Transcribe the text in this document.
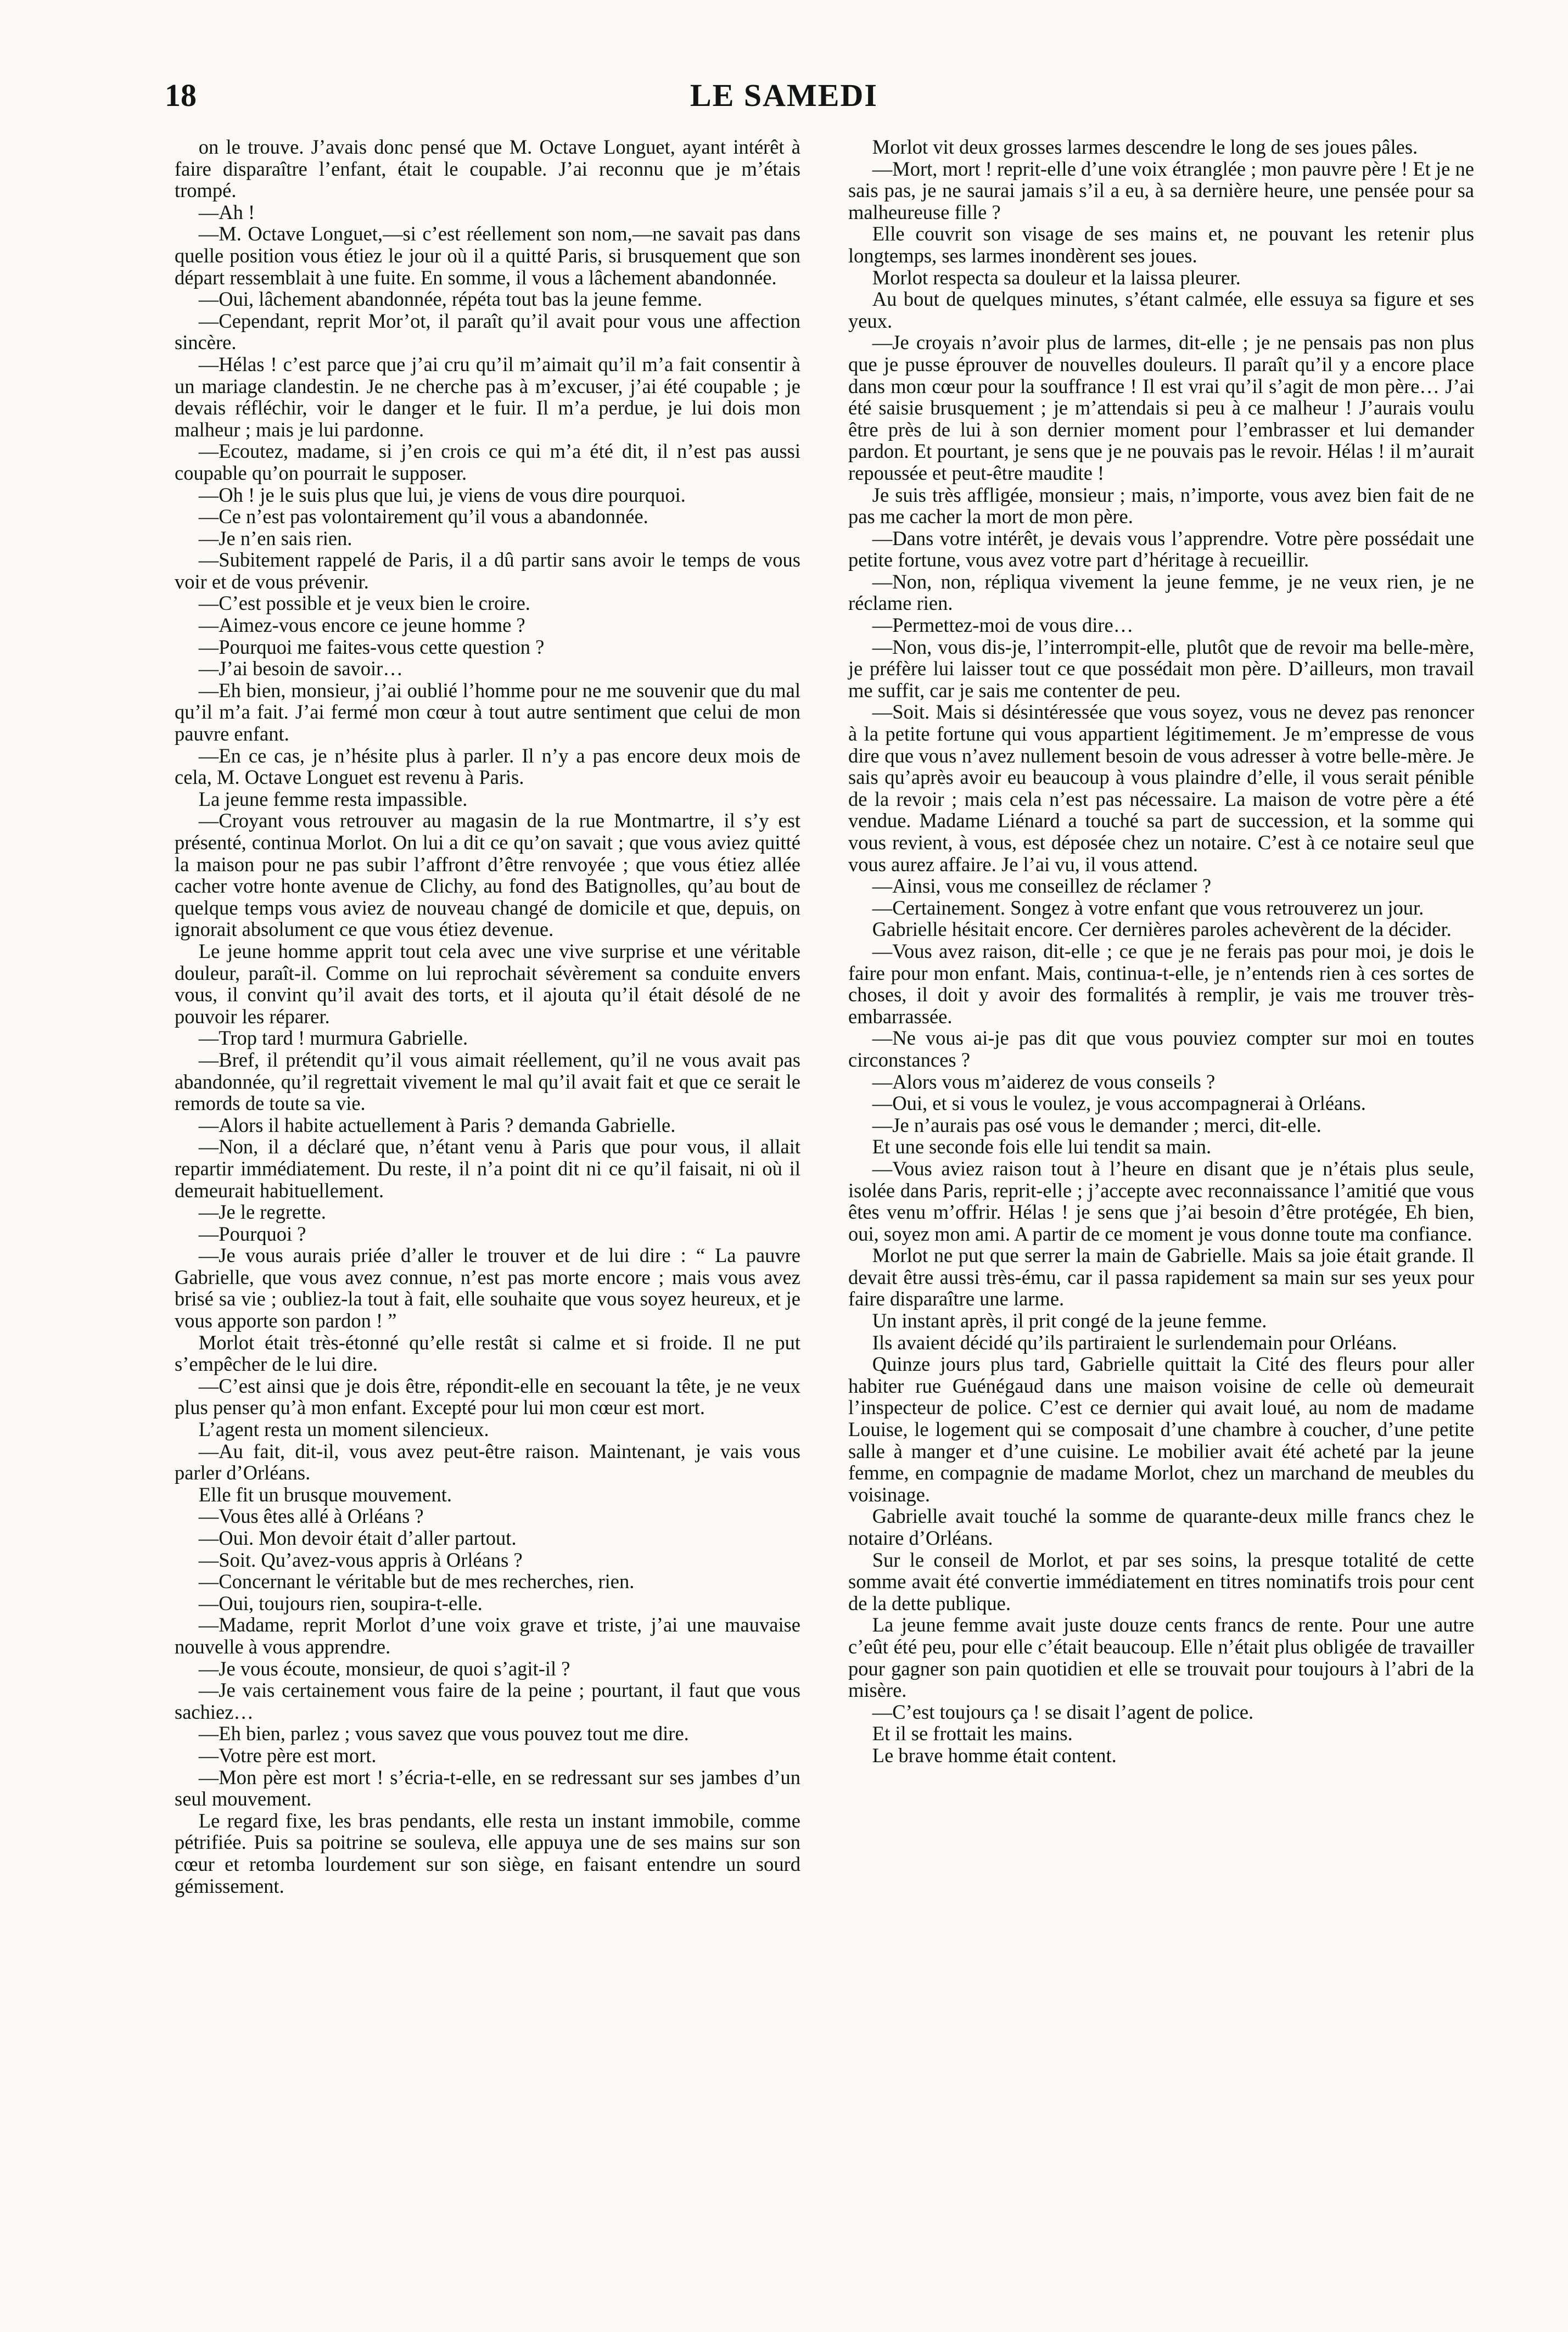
18	LE SAMEDI

on le trouve. J’avais donc pensé que M. Octave Longuet, ayant intérêt à faire disparaître l’enfant, était le coupable. J’ai reconnu que je m’étais trompé.

—Ah !

—M. Octave Longuet,—si c’est réellement son nom,—ne savait pas dans quelle position vous étiez le jour où il a quitté Paris, si brusquement que son départ ressemblait à une fuite. En somme, il vous a lâchement abandonnée.

—Oui, lâchement abandonnée, répéta tout bas la jeune femme.

—Cependant, reprit Mor’ot, il paraît qu’il avait pour vous une affection sincère.

—Hélas ! c’est parce que j’ai cru qu’il m’aimait qu’il m’a fait consentir à un mariage clandestin. Je ne cherche pas à m’excuser, j’ai été coupable ; je devais réfléchir, voir le danger et le fuir. Il m’a perdue, je lui dois mon malheur ; mais je lui pardonne.

—Ecoutez, madame, si j’en crois ce qui m’a été dit, il n’est pas aussi coupable qu’on pourrait le supposer.

—Oh ! je le suis plus que lui, je viens de vous dire pourquoi.

—Ce n’est pas volontairement qu’il vous a abandonnée.

—Je n’en sais rien.

—Subitement rappelé de Paris, il a dû partir sans avoir le temps de vous voir et de vous prévenir.

—C’est possible et je veux bien le croire.

—Aimez-vous encore ce jeune homme ?

—Pourquoi me faites-vous cette question ?

—J’ai besoin de savoir…

—Eh bien, monsieur, j’ai oublié l’homme pour ne me souvenir que du mal qu’il m’a fait. J’ai fermé mon cœur à tout autre sentiment que celui de mon pauvre enfant.

—En ce cas, je n’hésite plus à parler. Il n’y a pas encore deux mois de cela, M. Octave Longuet est revenu à Paris.

La jeune femme resta impassible.

—Croyant vous retrouver au magasin de la rue Montmartre, il s’y est présenté, continua Morlot. On lui a dit ce qu’on savait ; que vous aviez quitté la maison pour ne pas subir l’affront d’être renvoyée ; que vous étiez allée cacher votre honte avenue de Clichy, au fond des Batignolles, qu’au bout de quelque temps vous aviez de nouveau changé de domicile et que, depuis, on ignorait absolument ce que vous étiez devenue.

Le jeune homme apprit tout cela avec une vive surprise et une véritable douleur, paraît-il. Comme on lui reprochait sévèrement sa conduite envers vous, il convint qu’il avait des torts, et il ajouta qu’il était désolé de ne pouvoir les réparer.

—Trop tard ! murmura Gabrielle.

—Bref, il prétendit qu’il vous aimait réellement, qu’il ne vous avait pas abandonnée, qu’il regrettait vivement le mal qu’il avait fait et que ce serait le remords de toute sa vie.

—Alors il habite actuellement à Paris ? demanda Gabrielle.

—Non, il a déclaré que, n’étant venu à Paris que pour vous, il allait repartir immédiatement. Du reste, il n’a point dit ni ce qu’il faisait, ni où il demeurait habituellement.

—Je le regrette.

—Pourquoi ?

—Je vous aurais priée d’aller le trouver et de lui dire : “ La pauvre Gabrielle, que vous avez connue, n’est pas morte encore ; mais vous avez brisé sa vie ; oubliez-la tout à fait, elle souhaite que vous soyez heureux, et je vous apporte son pardon ! ”

Morlot était très-étonné qu’elle restât si calme et si froide. Il ne put s’empêcher de le lui dire.

—C’est ainsi que je dois être, répondit-elle en secouant la tête, je ne veux plus penser qu’à mon enfant. Excepté pour lui mon cœur est mort.

L’agent resta un moment silencieux.

—Au fait, dit-il, vous avez peut-être raison. Maintenant, je vais vous parler d’Orléans.

Elle fit un brusque mouvement.

—Vous êtes allé à Orléans ?

—Oui. Mon devoir était d’aller partout.

—Soit. Qu’avez-vous appris à Orléans ?

—Concernant le véritable but de mes recherches, rien.

—Oui, toujours rien, soupira-t-elle.

—Madame, reprit Morlot d’une voix grave et triste, j’ai une mauvaise nouvelle à vous apprendre.

—Je vous écoute, monsieur, de quoi s’agit-il ?

—Je vais certainement vous faire de la peine ; pourtant, il faut que vous sachiez…

—Eh bien, parlez ; vous savez que vous pouvez tout me dire.

—Votre père est mort.

—Mon père est mort ! s’écria-t-elle, en se redressant sur ses jambes d’un seul mouvement.

Le regard fixe, les bras pendants, elle resta un instant immobile, comme pétrifiée. Puis sa poitrine se souleva, elle appuya une de ses mains sur son cœur et retomba lourdement sur son siège, en faisant entendre un sourd gémissement.

Morlot vit deux grosses larmes descendre le long de ses joues pâles.

—Mort, mort ! reprit-elle d’une voix étranglée ; mon pauvre père ! Et je ne sais pas, je ne saurai jamais s’il a eu, à sa dernière heure, une pensée pour sa malheureuse fille ?

Elle couvrit son visage de ses mains et, ne pouvant les retenir plus longtemps, ses larmes inondèrent ses joues.

Morlot respecta sa douleur et la laissa pleurer.

Au bout de quelques minutes, s’étant calmée, elle essuya sa figure et ses yeux.

—Je croyais n’avoir plus de larmes, dit-elle ; je ne pensais pas non plus que je pusse éprouver de nouvelles douleurs. Il paraît qu’il y a encore place dans mon cœur pour la souffrance ! Il est vrai qu’il s’agit de mon père… J’ai été saisie brusquement ; je m’attendais si peu à ce malheur ! J’aurais voulu être près de lui à son dernier moment pour l’embrasser et lui demander pardon. Et pourtant, je sens que je ne pouvais pas le revoir. Hélas ! il m’aurait repoussée et peut-être maudite !

Je suis très affligée, monsieur ; mais, n’importe, vous avez bien fait de ne pas me cacher la mort de mon père.

—Dans votre intérêt, je devais vous l’apprendre. Votre père possédait une petite fortune, vous avez votre part d’héritage à recueillir.

—Non, non, répliqua vivement la jeune femme, je ne veux rien, je ne réclame rien.

—Permettez-moi de vous dire…

—Non, vous dis-je, l’interrompit-elle, plutôt que de revoir ma belle-mère, je préfère lui laisser tout ce que possédait mon père. D’ailleurs, mon travail me suffit, car je sais me contenter de peu.

—Soit. Mais si désintéressée que vous soyez, vous ne devez pas renoncer à la petite fortune qui vous appartient légitimement. Je m’empresse de vous dire que vous n’avez nullement besoin de vous adresser à votre belle-mère. Je sais qu’après avoir eu beaucoup à vous plaindre d’elle, il vous serait pénible de la revoir ; mais cela n’est pas nécessaire. La maison de votre père a été vendue. Madame Liénard a touché sa part de succession, et la somme qui vous revient, à vous, est déposée chez un notaire. C’est à ce notaire seul que vous aurez affaire. Je l’ai vu, il vous attend.

—Ainsi, vous me conseillez de réclamer ?

—Certainement. Songez à votre enfant que vous retrouverez un jour.

Gabrielle hésitait encore. Cer dernières paroles achevèrent de la décider.

—Vous avez raison, dit-elle ; ce que je ne ferais pas pour moi, je dois le faire pour mon enfant. Mais, continua-t-elle, je n’entends rien à ces sortes de choses, il doit y avoir des formalités à remplir, je vais me trouver très-embarrassée.

—Ne vous ai-je pas dit que vous pouviez compter sur moi en toutes circonstances ?

—Alors vous m’aiderez de vous conseils ?

—Oui, et si vous le voulez, je vous accompagnerai à Orléans.

—Je n’aurais pas osé vous le demander ; merci, dit-elle.

Et une seconde fois elle lui tendit sa main.

—Vous aviez raison tout à l’heure en disant que je n’étais plus seule, isolée dans Paris, reprit-elle ; j’accepte avec reconnaissance l’amitié que vous êtes venu m’offrir. Hélas ! je sens que j’ai besoin d’être protégée, Eh bien, oui, soyez mon ami. A partir de ce moment je vous donne toute ma confiance.

Morlot ne put que serrer la main de Gabrielle. Mais sa joie était grande. Il devait être aussi très-ému, car il passa rapidement sa main sur ses yeux pour faire disparaître une larme.

Un instant après, il prit congé de la jeune femme.

Ils avaient décidé qu’ils partiraient le surlendemain pour Orléans.

Quinze jours plus tard, Gabrielle quittait la Cité des fleurs pour aller habiter rue Guénégaud dans une maison voisine de celle où demeurait l’inspecteur de police. C’est ce dernier qui avait loué, au nom de madame Louise, le logement qui se composait d’une chambre à coucher, d’une petite salle à manger et d’une cuisine. Le mobilier avait été acheté par la jeune femme, en compagnie de madame Morlot, chez un marchand de meubles du voisinage.

Gabrielle avait touché la somme de quarante-deux mille francs chez le notaire d’Orléans.

Sur le conseil de Morlot, et par ses soins, la presque totalité de cette somme avait été convertie immédiatement en titres nominatifs trois pour cent de la dette publique.

La jeune femme avait juste douze cents francs de rente. Pour une autre c’eût été peu, pour elle c’était beaucoup. Elle n’était plus obligée de travailler pour gagner son pain quotidien et elle se trouvait pour toujours à l’abri de la misère.

—C’est toujours ça ! se disait l’agent de police.

Et il se frottait les mains.

Le brave homme était content.
